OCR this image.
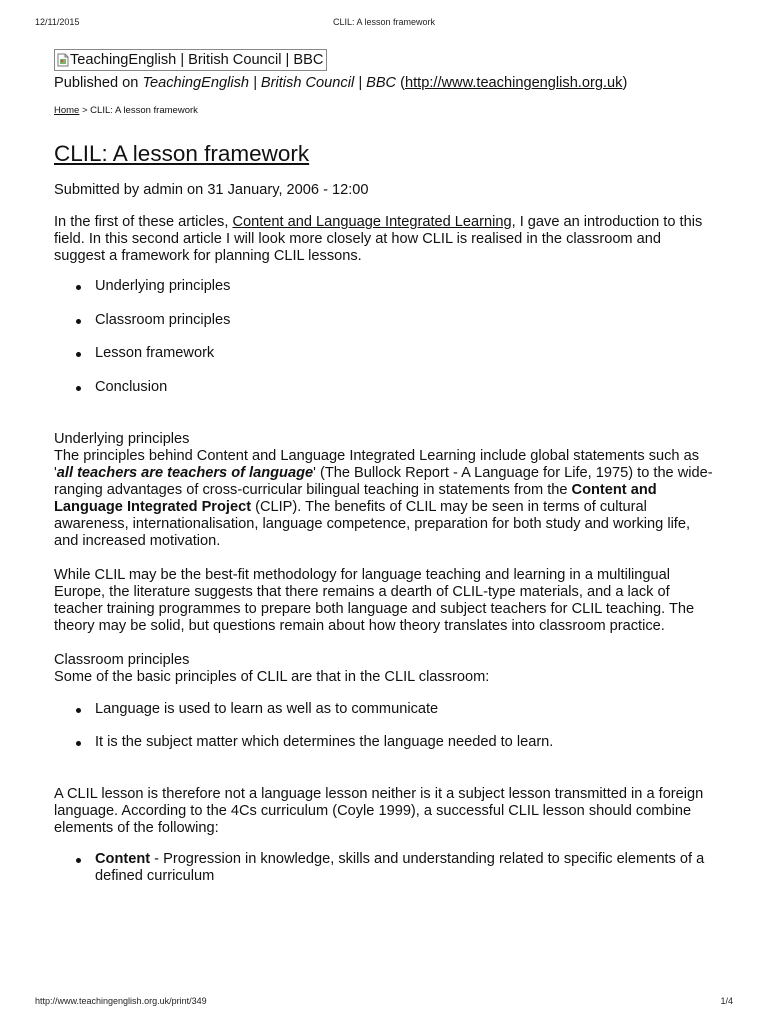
12/11/2015	CLIL: A lesson framework
TeachingEnglish | British Council | BBC
Published on TeachingEnglish | British Council | BBC (http://www.teachingenglish.org.uk)
Home > CLIL: A lesson framework
CLIL: A lesson framework

Submitted by admin on 31 January, 2006 - 12:00

In the first of these articles, Content and Language Integrated Learning, I gave an introduction to this field. In this second article I will look more closely at how CLIL is realised in the classroom and suggest a framework for planning CLIL lessons.

Underlying principles
Classroom principles
Lesson framework
Conclusion

Underlying principles

The principles behind Content and Language Integrated Learning include global statements such as 'all teachers are teachers of language' (The Bullock Report - A Language for Life, 1975) to the wide-ranging advantages of cross-curricular bilingual teaching in statements from the Content and Language Integrated Project (CLIP). The benefits of CLIL may be seen in terms of cultural awareness, internationalisation, language competence, preparation for both study and working life, and increased motivation.

While CLIL may be the best-fit methodology for language teaching and learning in a multilingual Europe, the literature suggests that there remains a dearth of CLIL-type materials, and a lack of teacher training programmes to prepare both language and subject teachers for CLIL teaching. The theory may be solid, but questions remain about how theory translates into classroom practice.

Classroom principles

Some of the basic principles of CLIL are that in the CLIL classroom:

Language is used to learn as well as to communicate
It is the subject matter which determines the language needed to learn.

A CLIL lesson is therefore not a language lesson neither is it a subject lesson transmitted in a foreign language. According to the 4Cs curriculum (Coyle 1999), a successful CLIL lesson should combine elements of the following:

Content - Progression in knowledge, skills and understanding related to specific elements of a defined curriculum
http://www.teachingenglish.org.uk/print/349	1/4
